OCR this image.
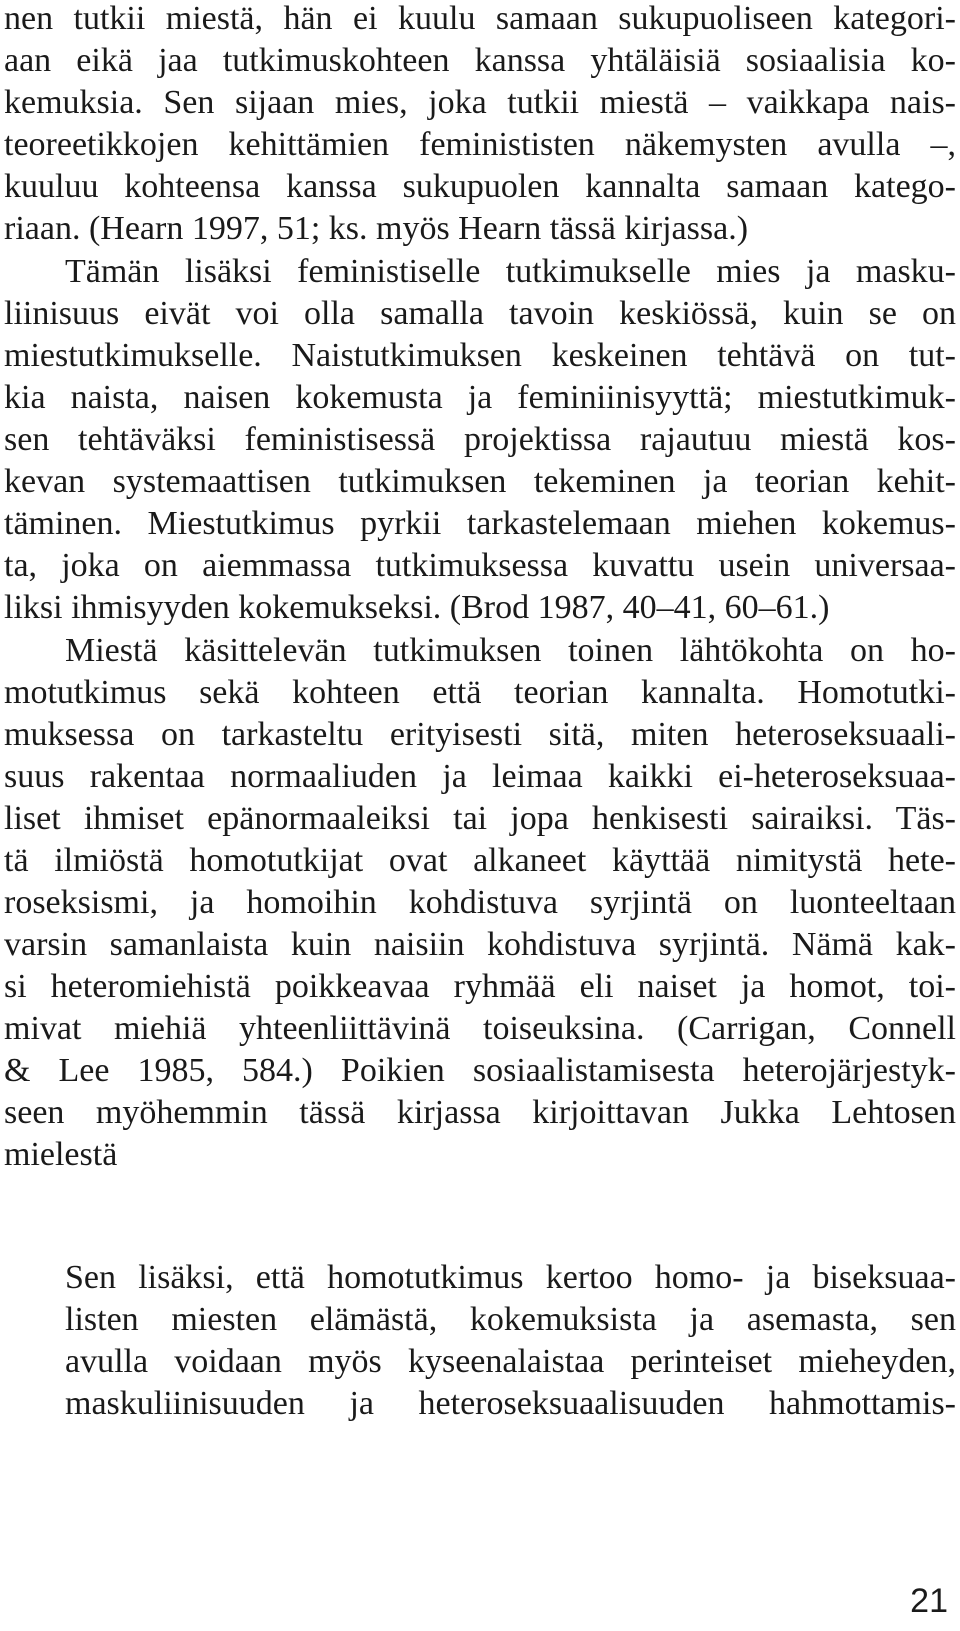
nen tutkii miestä, hän ei kuulu samaan sukupuoliseen kategori-
aan eikä jaa tutkimuskohteen kanssa yhtäläisiä sosiaalisia ko-
kemuksia. Sen sijaan mies, joka tutkii miestä – vaikkapa nais-
teoreetikkojen kehittämien feminististen näkemysten avulla –,
kuuluu kohteensa kanssa sukupuolen kannalta samaan katego-
riaan. (Hearn 1997, 51; ks. myös Hearn tässä kirjassa.)
Tämän lisäksi feministiselle tutkimukselle mies ja masku-
liinisuus eivät voi olla samalla tavoin keskiössä, kuin se on
miestutkimukselle. Naistutkimuksen keskeinen tehtävä on tut-
kia naista, naisen kokemusta ja feminiinisyyttä; miestutkimuk-
sen tehtäväksi feministisessä projektissa rajautuu miestä kos-
kevan systemaattisen tutkimuksen tekeminen ja teorian kehit-
täminen. Miestutkimus pyrkii tarkastelemaan miehen kokemus-
ta, joka on aiemmassa tutkimuksessa kuvattu usein universaa-
liksi ihmisyyden kokemukseksi. (Brod 1987, 40–41, 60–61.)
Miestä käsittelevän tutkimuksen toinen lähtökohta on ho-
motutkimus sekä kohteen että teorian kannalta. Homotutki-
muksessa on tarkasteltu erityisesti sitä, miten heteroseksuaali-
suus rakentaa normaaliuden ja leimaa kaikki ei-heteroseksuaa-
liset ihmiset epänormaaleiksi tai jopa henkisesti sairaiksi. Täs-
tä ilmiöstä homotutkijat ovat alkaneet käyttää nimitystä hete-
roseksismi, ja homoihin kohdistuva syrjintä on luonteeltaan
varsin samanlaista kuin naisiin kohdistuva syrjintä. Nämä kak-
si heteromiehistä poikkeavaa ryhmää eli naiset ja homot, toi-
mivat miehiä yhteenliittävinä toiseuksina. (Carrigan, Connell
& Lee 1985, 584.) Poikien sosiaalistamisesta heterojärjestyk-
seen myöhemmin tässä kirjassa kirjoittavan Jukka Lehtosen
mielestä
Sen lisäksi, että homotutkimus kertoo homo- ja biseksuaa-
listen miesten elämästä, kokemuksista ja asemasta, sen
avulla voidaan myös kyseenalaistaa perinteiset mieheyden,
maskuliinisuuden ja heteroseksuaalisuuden hahmottamis-
21
